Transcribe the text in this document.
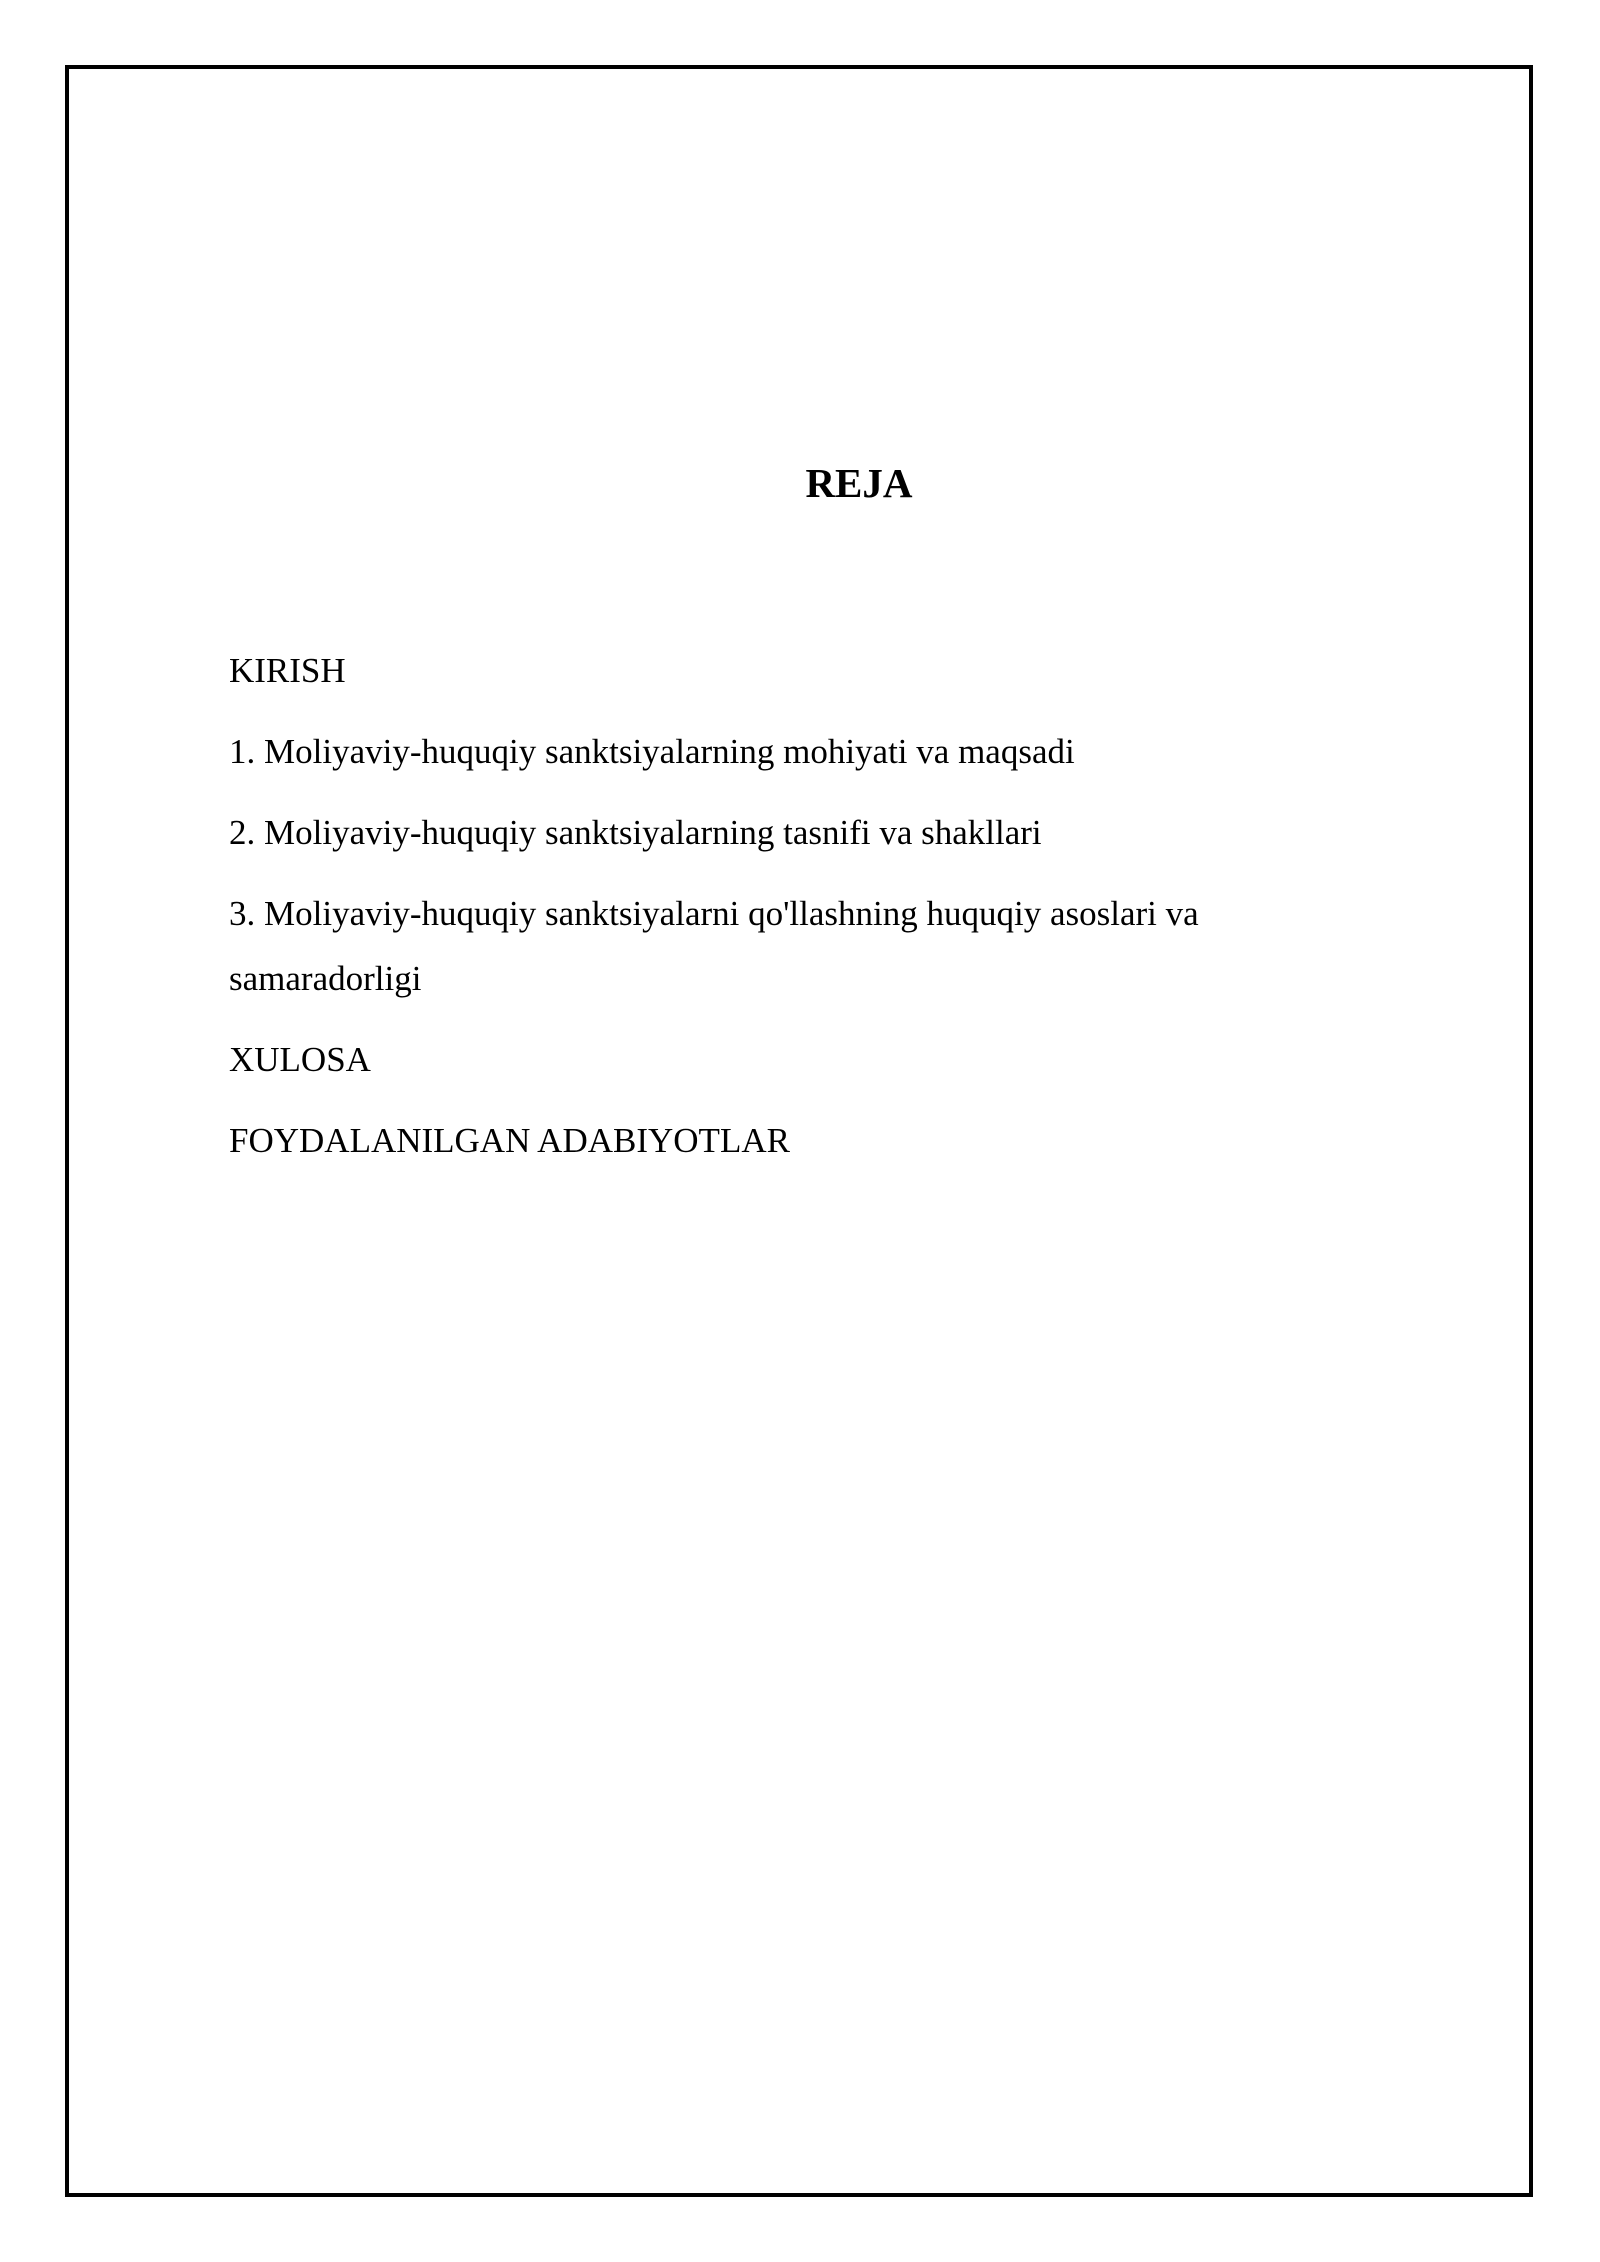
REJA
KIRISH
1. Moliyaviy-huquqiy sanktsiyalarning mohiyati va maqsadi
2. Moliyaviy-huquqiy sanktsiyalarning tasnifi va shakllari
3. Moliyaviy-huquqiy sanktsiyalarni qo'llashning huquqiy asoslari va samaradorligi
XULOSA
FOYDALANILGAN ADABIYOTLAR
